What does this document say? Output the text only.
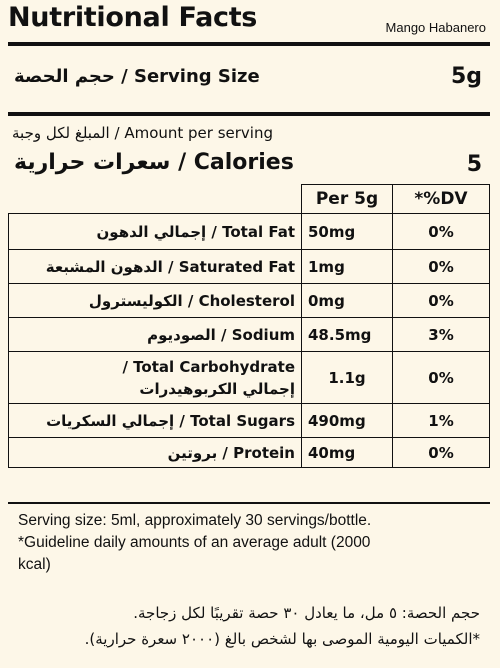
Nutritional Facts	Mango Habanero
حجم الحصة / Serving Size	5g
المبلغ لكل وجبة / Amount per serving
سعرات حرارية / Calories	5
	Per 5g	*%DV
إجمالي الدهون / Total Fat	50mg	0%
الدهون المشبعة / Saturated Fat	1mg	0%
الكوليسترول / Cholesterol	0mg	0%
الصوديوم / Sodium	48.5mg	3%

/ Total Carbohydrate
إجمالي الكربوهيدرات	1.1g	0%
إجمالي السكريات / Total Sugars	490mg	1%
بروتين / Protein	40mg	0%
Serving size: 5ml, approximately 30 servings/bottle.
*Guideline daily amounts of an average adult (2000
kcal)
حجم الحصة: ٥ مل، ما يعادل ٣٠ حصة تقريبًا لكل زجاجة.
*الكميات اليومية الموصى بها لشخص بالغ (٢٠٠٠ سعرة حرارية).
